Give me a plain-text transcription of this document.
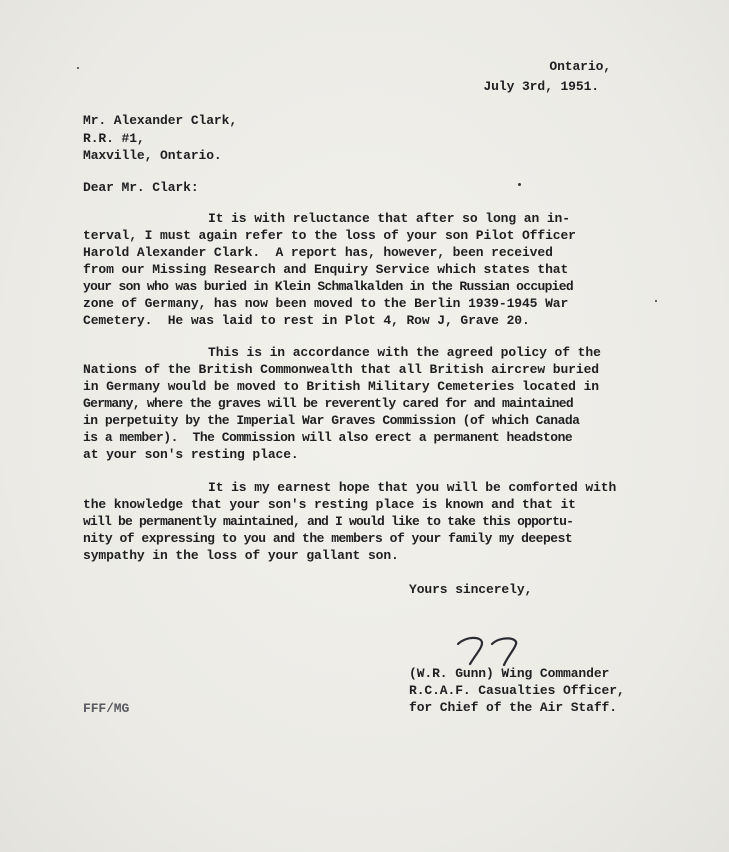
Ontario,
July 3rd, 1951.
Mr. Alexander Clark,
R.R. #1,
Maxville, Ontario.
Dear Mr. Clark:
It is with reluctance that after so long an in-
terval, I must again refer to the loss of your son Pilot Officer
Harold Alexander Clark.  A report has, however, been received
from our Missing Research and Enquiry Service which states that
your son who was buried in Klein Schmalkalden in the Russian occupied
zone of Germany, has now been moved to the Berlin 1939-1945 War
Cemetery.  He was laid to rest in Plot 4, Row J, Grave 20.
This is in accordance with the agreed policy of the
Nations of the British Commonwealth that all British aircrew buried
in Germany would be moved to British Military Cemeteries located in
Germany, where the graves will be reverently cared for and maintained
in perpetuity by the Imperial War Graves Commission (of which Canada
is a member).  The Commission will also erect a permanent headstone
at your son's resting place.
It is my earnest hope that you will be comforted with
the knowledge that your son's resting place is known and that it
will be permanently maintained, and I would like to take this opportu-
nity of expressing to you and the members of your family my deepest
sympathy in the loss of your gallant son.
Yours sincerely,
(W.R. Gunn) Wing Commander
R.C.A.F. Casualties Officer,
for Chief of the Air Staff.
FFF/MG
